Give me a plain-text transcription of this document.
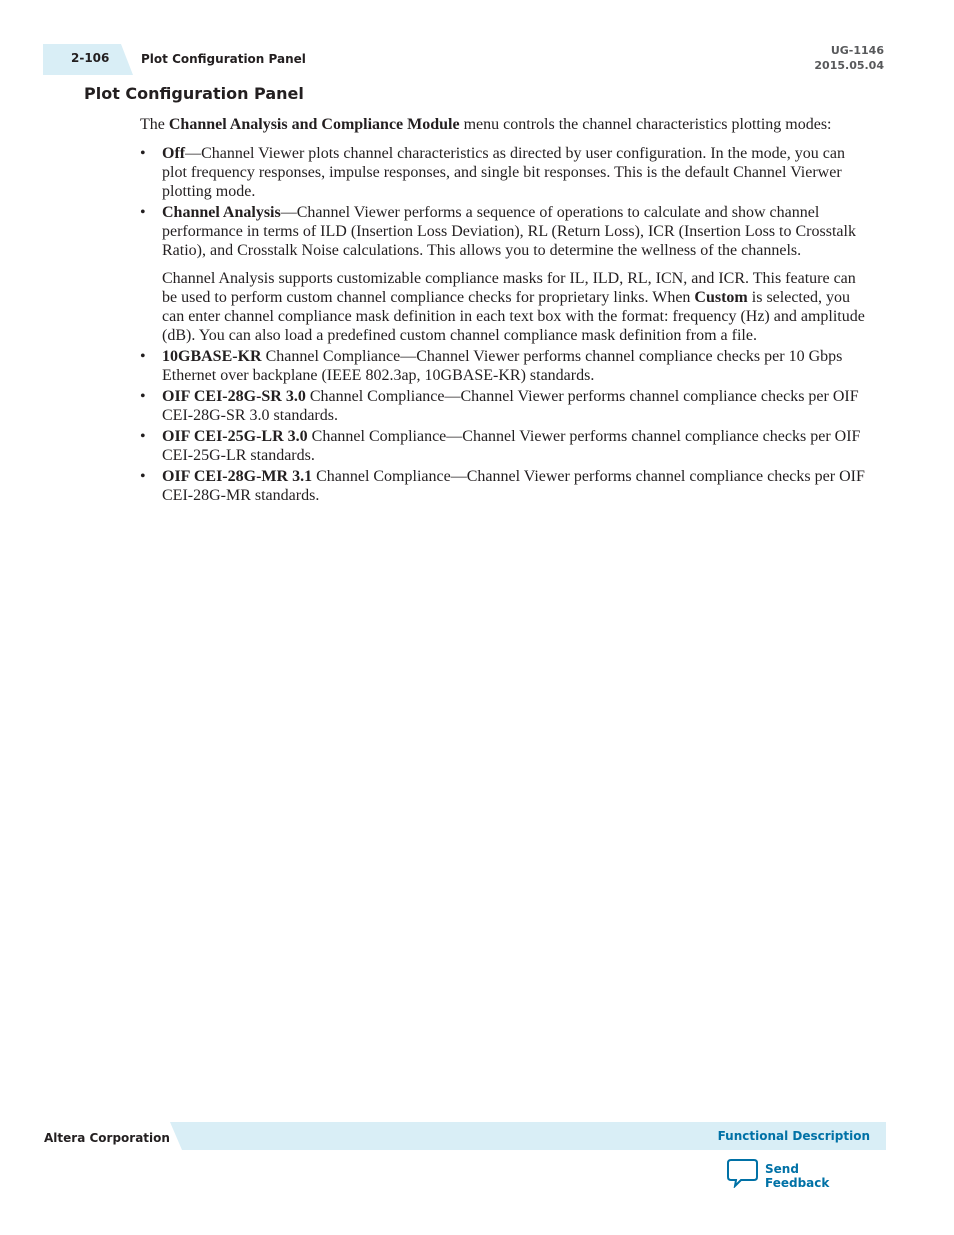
2-106	Plot Configuration Panel
UG-1146
2015.05.04
Plot Configuration Panel

The Channel Analysis and Compliance Module menu controls the channel characteristics plotting modes:

• Off—Channel Viewer plots channel characteristics as directed by user configuration. In the mode, you can plot frequency responses, impulse responses, and single bit responses. This is the default Channel Vierwer plotting mode.
• Channel Analysis—Channel Viewer performs a sequence of operations to calculate and show channel performance in terms of ILD (Insertion Loss Deviation), RL (Return Loss), ICR (Insertion Loss to Crosstalk Ratio), and Crosstalk Noise calculations. This allows you to determine the wellness of the channels.

Channel Analysis supports customizable compliance masks for IL, ILD, RL, ICN, and ICR. This feature can be used to perform custom channel compliance checks for proprietary links. When Custom is selected, you can enter channel compliance mask definition in each text box with the format: frequency (Hz) and amplitude (dB). You can also load a predefined custom channel compliance mask definition from a file.

• 10GBASE-KR Channel Compliance—Channel Viewer performs channel compliance checks per 10 Gbps Ethernet over backplane (IEEE 802.3ap, 10GBASE-KR) standards.
• OIF CEI-28G-SR 3.0 Channel Compliance—Channel Viewer performs channel compliance checks per OIF CEI-28G-SR 3.0 standards.
• OIF CEI-25G-LR 3.0 Channel Compliance—Channel Viewer performs channel compliance checks per OIF CEI-25G-LR standards.
• OIF CEI-28G-MR 3.1 Channel Compliance—Channel Viewer performs channel compliance checks per OIF CEI-28G-MR standards.
Altera Corporation	Functional Description
Send Feedback
